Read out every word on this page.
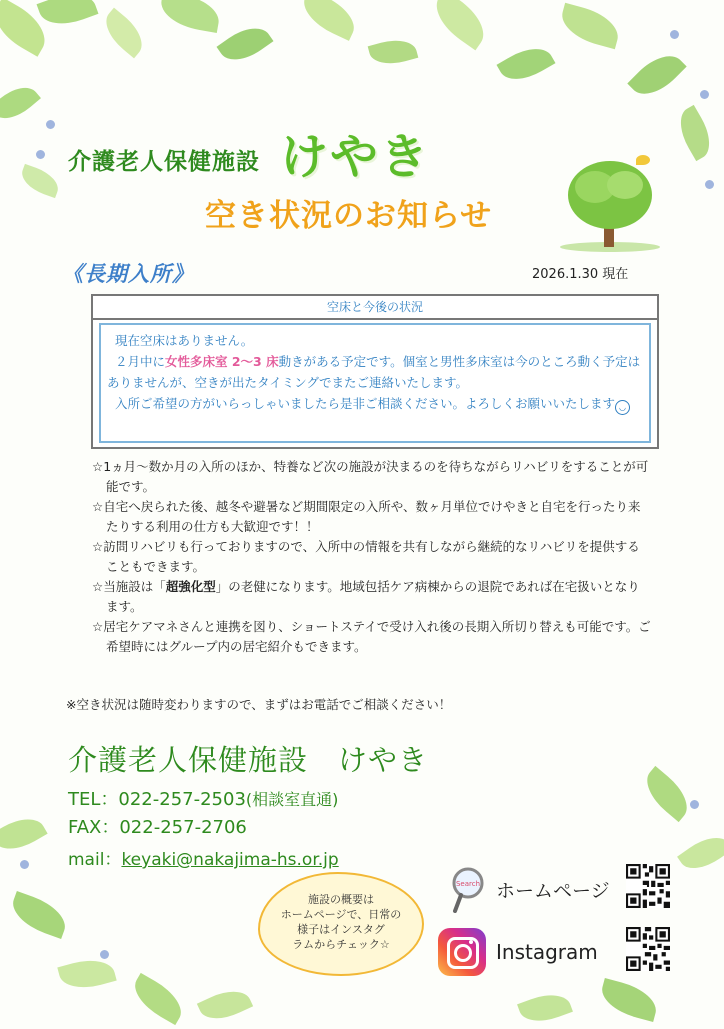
介護老人保健施設 けやき
空き状況のお知らせ
《長期入所》	2026.1.30 現在
空床と今後の状況

現在空床はありません。

２月中に女性多床室 2～3 床動きがある予定です。個室と男性多床室は今のところ動く予定はありませんが、空きが出たタイミングでまたご連絡いたします。

入所ご希望の方がいらっしゃいましたら是非ご相談ください。よろしくお願いいたします ◡

☆1ヵ月～数か月の入所のほか、特養など次の施設が決まるのを待ちながらリハビリをすることが可能です。

☆自宅へ戻られた後、越冬や避暑など期間限定の入所や、数ヶ月単位でけやきと自宅を行ったり来たりする利用の仕方も大歓迎です！！

☆訪問リハビリも行っておりますので、入所中の情報を共有しながら継続的なリハビリを提供することもできます。

☆当施設は「超強化型」の老健になります。地域包括ケア病棟からの退院であれば在宅扱いとなります。

☆居宅ケアマネさんと連携を図り、ショートステイで受け入れ後の長期入所切り替えも可能です。ご希望時にはグループ内の居宅紹介もできます。

※空き状況は随時変わりますので、まずはお電話でご相談ください！
介護老人保健施設　けやき
TEL：022-257-2503(相談室直通)
FAX：022-257-2706
mail：keyaki@nakajima-hs.or.jp
施設の概要は
ホームページで、日常の
様子はインスタグ
ラムからチェック☆
Search ホームページ
Instagram
